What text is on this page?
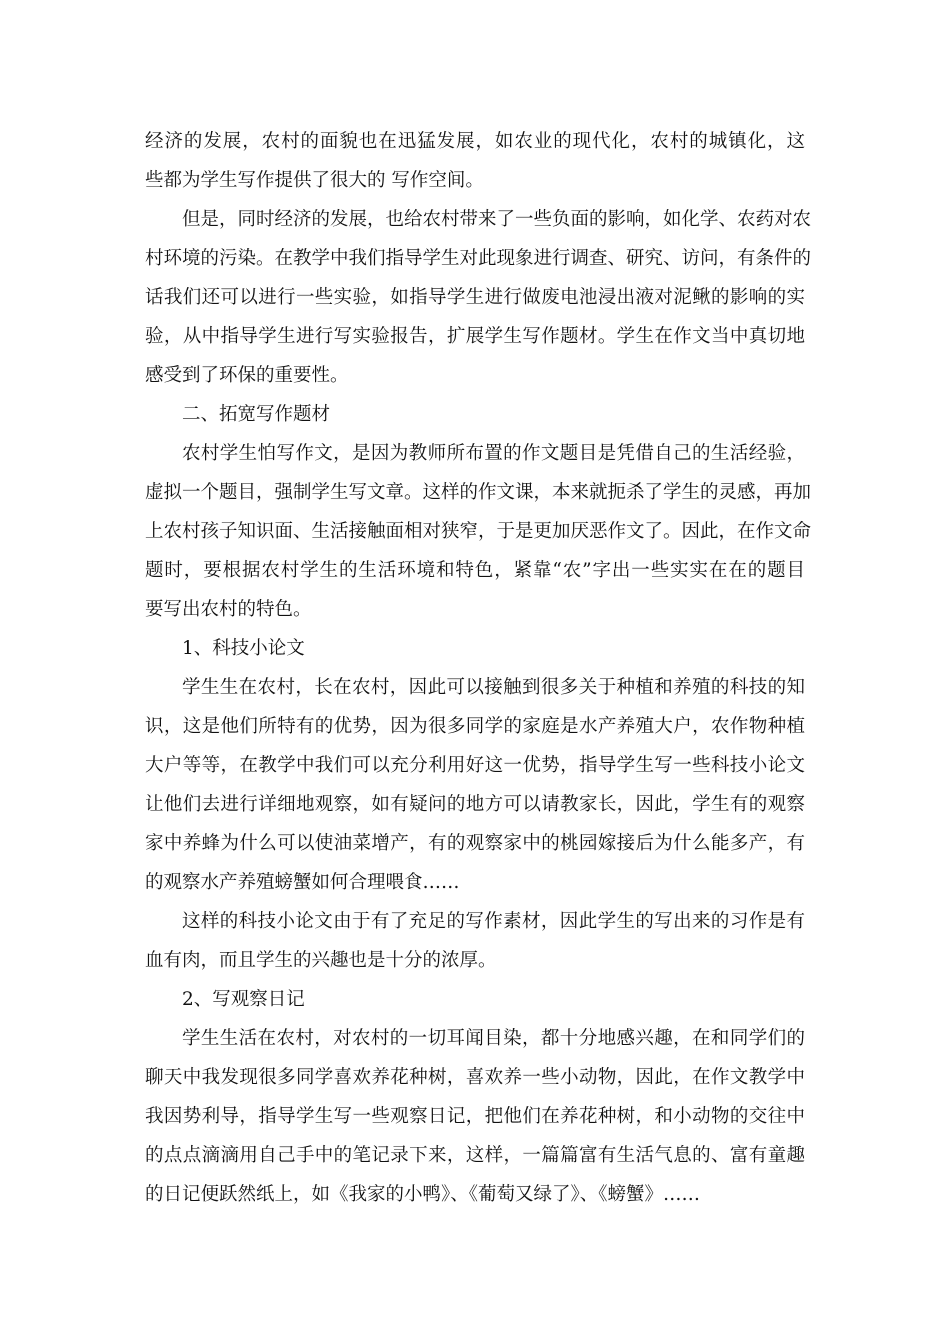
经济的发展，农村的面貌也在迅猛发展，如农业的现代化，农村的城镇化，这
些都为学生写作提供了很大的 写作空间。
但是，同时经济的发展，也给农村带来了一些负面的影响，如化学、农药对农
村环境的污染。在教学中我们指导学生对此现象进行调查、研究、访问，有条件的
话我们还可以进行一些实验，如指导学生进行做废电池浸出液对泥鳅的影响的实
验，从中指导学生进行写实验报告，扩展学生写作题材。学生在作文当中真切地
感受到了环保的重要性。
二、拓宽写作题材
农村学生怕写作文，是因为教师所布置的作文题目是凭借自己的生活经验，
虚拟一个题目，强制学生写文章。这样的作文课，本来就扼杀了学生的灵感，再加
上农村孩子知识面、生活接触面相对狭窄，于是更加厌恶作文了。因此，在作文命
题时，要根据农村学生的生活环境和特色，紧靠“农”字出一些实实在在的题目
要写出农村的特色。
1、科技小论文
学生生在农村，长在农村，因此可以接触到很多关于种植和养殖的科技的知
识，这是他们所特有的优势，因为很多同学的家庭是水产养殖大户，农作物种植
大户等等，在教学中我们可以充分利用好这一优势，指导学生写一些科技小论文
让他们去进行详细地观察，如有疑问的地方可以请教家长，因此，学生有的观察
家中养蜂为什么可以使油菜增产，有的观察家中的桃园嫁接后为什么能多产，有
的观察水产养殖螃蟹如何合理喂食……
这样的科技小论文由于有了充足的写作素材，因此学生的写出来的习作是有
血有肉，而且学生的兴趣也是十分的浓厚。
2、写观察日记
学生生活在农村，对农村的一切耳闻目染，都十分地感兴趣，在和同学们的
聊天中我发现很多同学喜欢养花种树，喜欢养一些小动物，因此，在作文教学中
我因势利导，指导学生写一些观察日记，把他们在养花种树，和小动物的交往中
的点点滴滴用自己手中的笔记录下来，这样，一篇篇富有生活气息的、富有童趣
的日记便跃然纸上，如《我家的小鸭》、《葡萄又绿了》、《螃蟹》……
